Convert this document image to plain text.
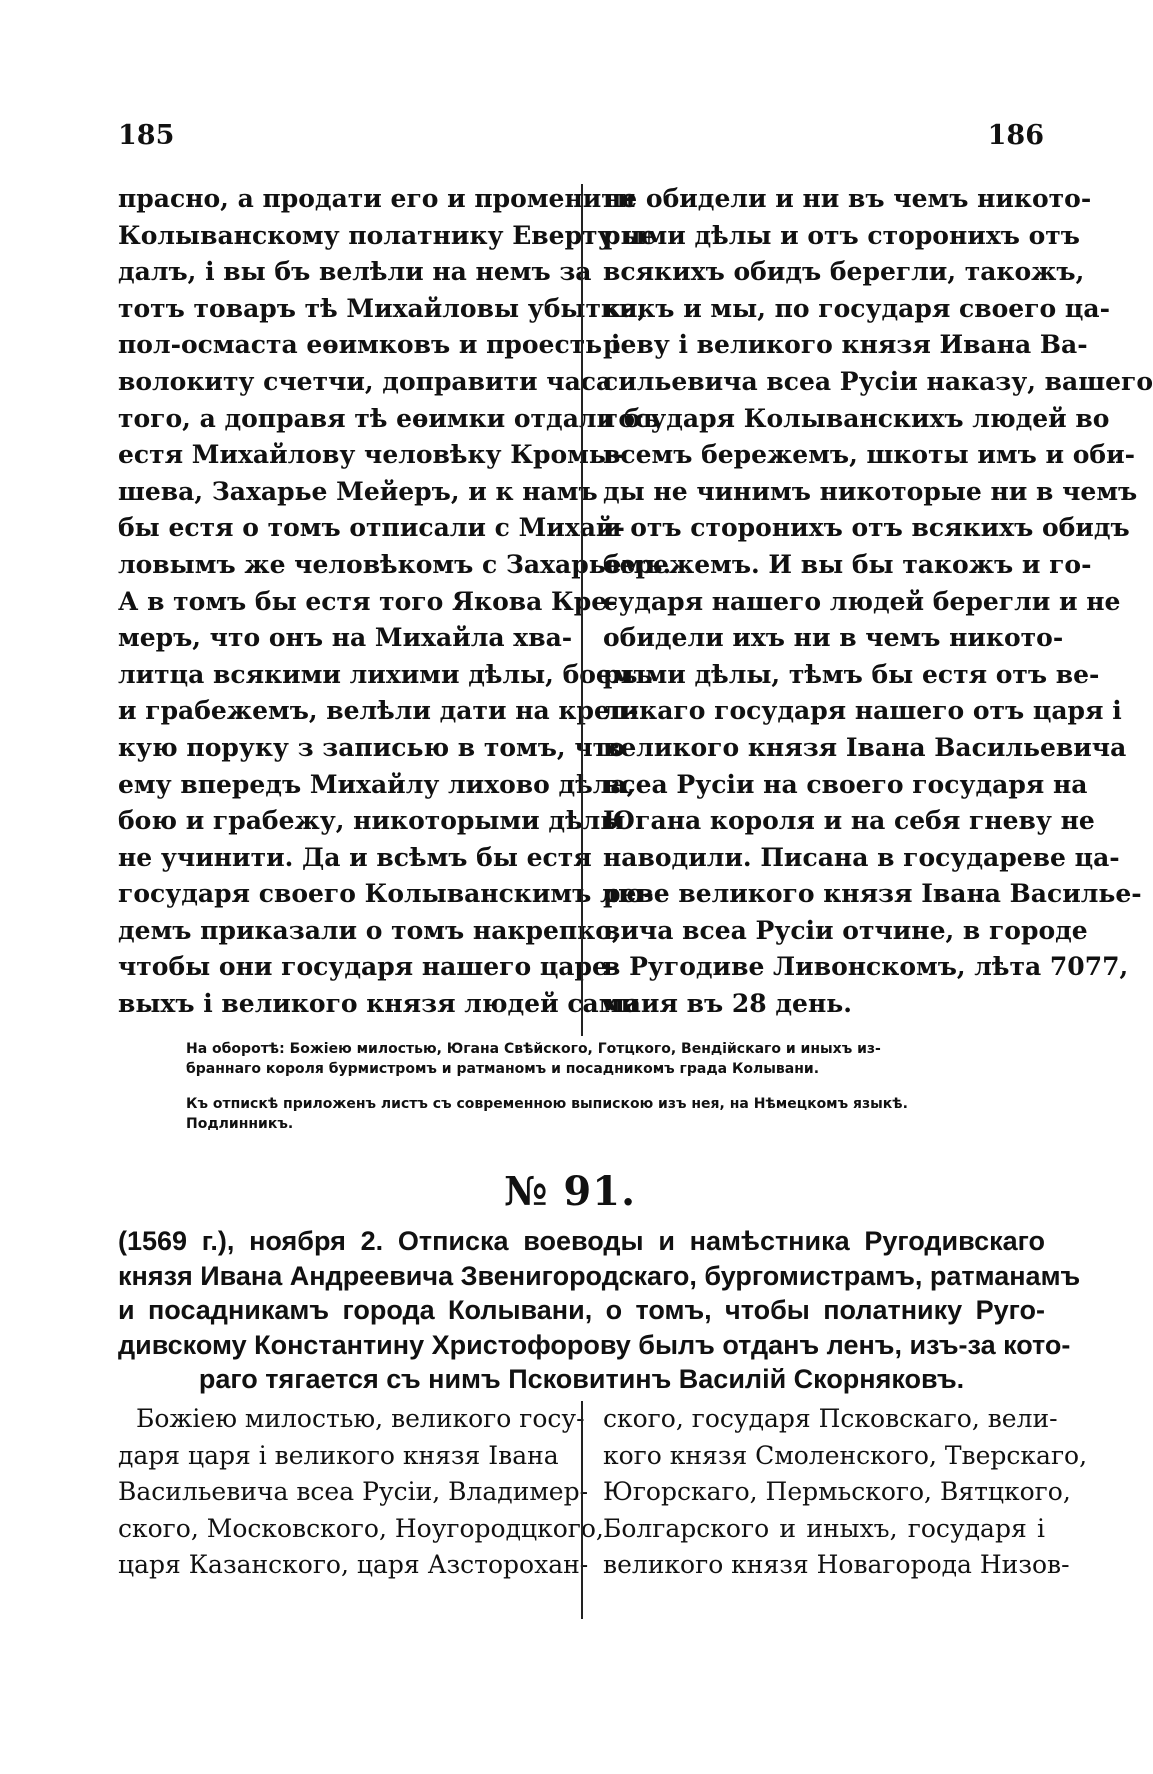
185	186
прасно, а продати его и променити
Колыванскому полатнику Еверту не
далъ, і вы бъ велѣли на немъ за
тотъ товаръ тѣ Михайловы убытки,
пол-осмаста еѳимковъ и проесть і
волокиту счетчи, доправити часа
того, а доправя тѣ еѳимки отдали бъ
естя Михайлову человѣку Кромы-
шева, Захарье Мейеръ, и к намъ
бы естя о томъ отписали с Михай-
ловымъ же человѣкомъ с Захарьемъ.
А в томъ бы естя того Якова Кре-
меръ, что онъ на Михайла хва-
литца всякими лихими дѣлы, боемъ
и грабежемъ, велѣли дати на креп-
кую поруку з записью в томъ, что
ему впередъ Михайлу лиховo дѣла,
бою и грабежу, никоторыми дѣлы
не учинити. Да и всѣмъ бы естя
государя своего Колыванскимъ лю-
демъ приказали о томъ накрепко,
чтобы они государя нашего царе-
выхъ і великого князя людей сами
не обидели и ни въ чемъ никото-
рыми дѣлы и отъ сторонихъ отъ
всякихъ обидъ берегли, такожъ,
какъ и мы, по государя своего ца-
реву і великого князя Ивана Ва-
сильевича всеа Русіи наказу, вашего
государя Колыванскихъ людей во
всемъ бережемъ, шкоты имъ и оби-
ды не чинимъ никоторые ни в чемъ
и отъ сторонихъ отъ всякихъ обидъ
бережемъ. И вы бы такожъ и го-
сударя нашего людей берегли и не
обидели ихъ ни в чемъ никото-
рыми дѣлы, тѣмъ бы естя отъ ве-
ликаго государя нашего отъ царя і
великого князя Івана Васильевича
всеа Русіи на своего государя на
Югана короля и на себя гневу не
наводили. Писана в государеве ца-
реве великого князя Івана Василье-
вича всеа Русіи отчине, в городе
в Ругодиве Ливонскомъ, лѣта 7077,
маия въ 28 день.
На оборотѣ: Божіею милостью, Югана Свѣйского, Готцкого, Вендійскаго и иныхъ из-
браннаго короля бурмистромъ и ратманомъ и посадникомъ града Колывани.
Къ отпискѣ приложенъ листъ съ современною выпискою изъ нея, на Нѣмецкомъ языкѣ.
Подлинникъ.
№ 91.
(1569 г.), ноября 2. Отписка воеводы и намѣстника Ругодивскаго
князя Ивана Андреевича Звенигородскаго, бургомистрамъ, ратманамъ
и посадникамъ города Колывани, о томъ, чтобы полатнику Руго-
дивскому Константину Христофорову былъ отданъ ленъ, изъ-за кото-
раго тягается съ нимъ Псковитинъ Василій Скорняковъ.
Божіею милостью, великого госу-
даря царя і великого князя Івана
Васильевича всеа Русіи, Владимер-
ского, Московского, Ноугородцкого,
царя Казанского, царя Азсторохан-
ского, государя Псковскаго, вели-
кого князя Смоленского, Тверскаго,
Югорскаго, Пермьского, Вятцкого,
Болгарского и иныхъ, государя і
великого князя Новагорода Низов-
